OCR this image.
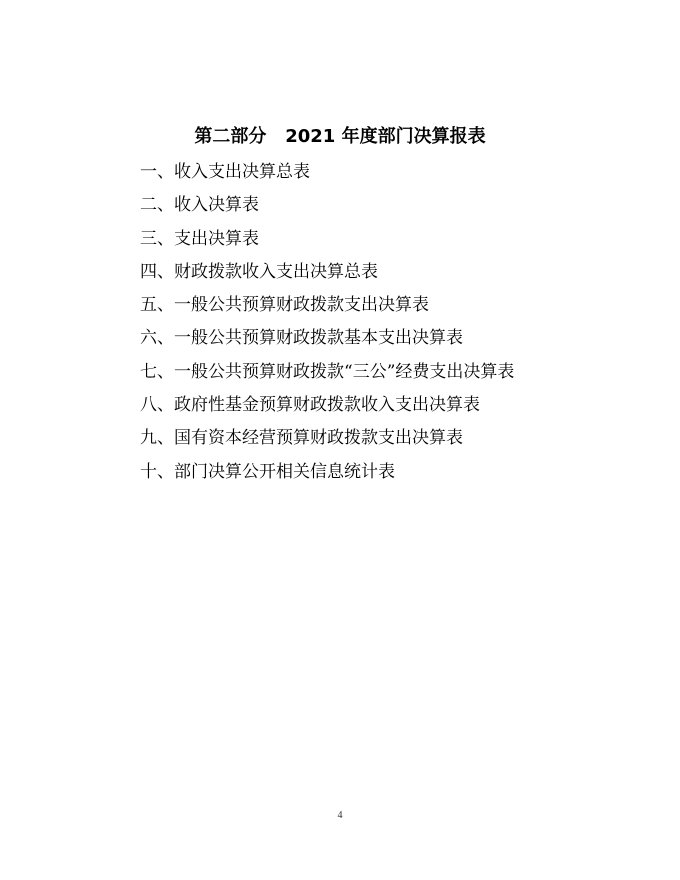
第二部分   2021 年度部门决算报表
一、收入支出决算总表
二、收入决算表
三、支出决算表
四、财政拨款收入支出决算总表
五、一般公共预算财政拨款支出决算表
六、一般公共预算财政拨款基本支出决算表
七、一般公共预算财政拨款“三公”经费支出决算表
八、政府性基金预算财政拨款收入支出决算表
九、国有资本经营预算财政拨款支出决算表
十、部门决算公开相关信息统计表
4
